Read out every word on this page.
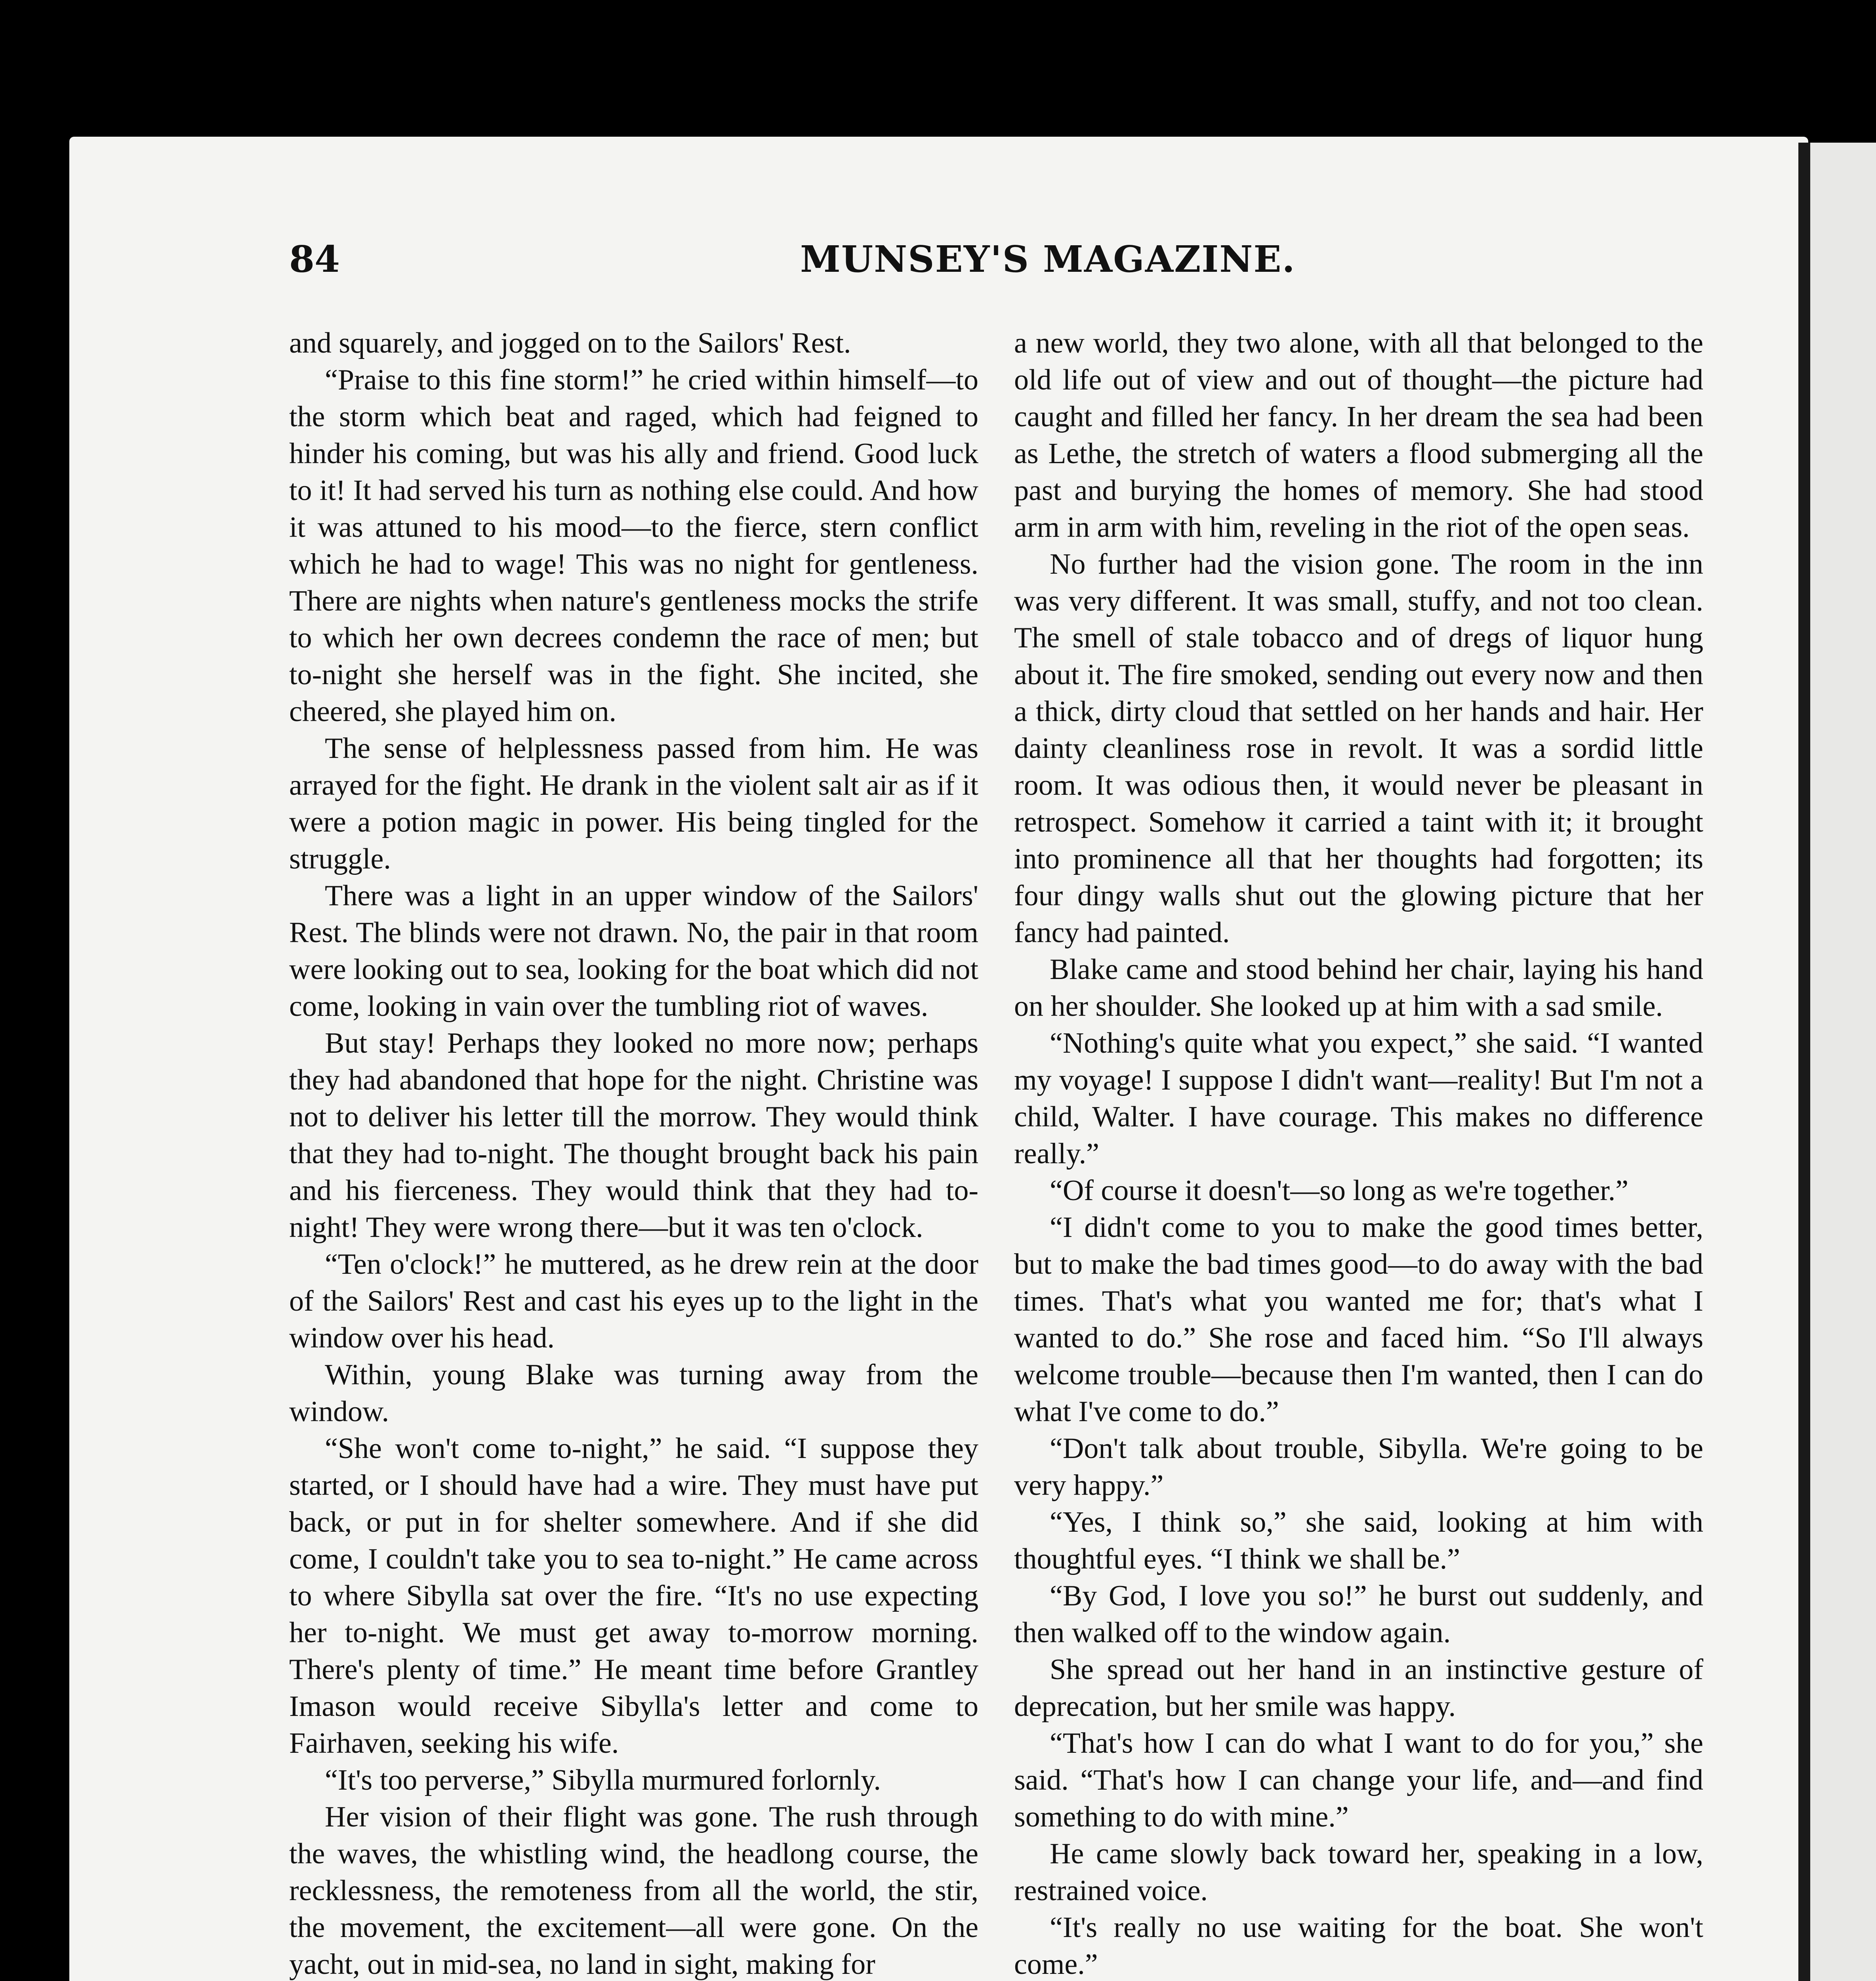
84	MUNSEY'S MAGAZINE.

and squarely, and jogged on to the Sailors' Rest.

“Praise to this fine storm!” he cried within himself—to the storm which beat and raged, which had feigned to hinder his coming, but was his ally and friend. Good luck to it! It had served his turn as nothing else could. And how it was attuned to his mood—to the fierce, stern conflict which he had to wage! This was no night for gentleness. There are nights when nature's gentleness mocks the strife to which her own decrees condemn the race of men; but to-night she herself was in the fight. She incited, she cheered, she played him on.

The sense of helplessness passed from him. He was arrayed for the fight. He drank in the violent salt air as if it were a potion magic in power. His being tingled for the struggle.

There was a light in an upper window of the Sailors' Rest. The blinds were not drawn. No, the pair in that room were looking out to sea, looking for the boat which did not come, looking in vain over the tumbling riot of waves.

But stay! Perhaps they looked no more now; perhaps they had abandoned that hope for the night. Christine was not to deliver his letter till the morrow. They would think that they had to-night. The thought brought back his pain and his fierceness. They would think that they had to-night! They were wrong there—but it was ten o'clock.

“Ten o'clock!” he muttered, as he drew rein at the door of the Sailors' Rest and cast his eyes up to the light in the window over his head.

Within, young Blake was turning away from the window.

“She won't come to-night,” he said. “I suppose they started, or I should have had a wire. They must have put back, or put in for shelter somewhere. And if she did come, I couldn't take you to sea to-night.” He came across to where Sibylla sat over the fire. “It's no use expecting her to-night. We must get away to-morrow morning. There's plenty of time.” He meant time before Grantley Imason would receive Sibylla's letter and come to Fairhaven, seeking his wife.

“It's too perverse,” Sibylla murmured forlornly.

Her vision of their flight was gone. The rush through the waves, the whistling wind, the headlong course, the recklessness, the remoteness from all the world, the stir, the movement, the excitement—all were gone. On the yacht, out in mid-sea, no land in sight, making for

a new world, they two alone, with all that belonged to the old life out of view and out of thought—the picture had caught and filled her fancy. In her dream the sea had been as Lethe, the stretch of waters a flood submerging all the past and burying the homes of memory. She had stood arm in arm with him, reveling in the riot of the open seas.

No further had the vision gone. The room in the inn was very different. It was small, stuffy, and not too clean. The smell of stale tobacco and of dregs of liquor hung about it. The fire smoked, sending out every now and then a thick, dirty cloud that settled on her hands and hair. Her dainty cleanliness rose in revolt. It was a sordid little room. It was odious then, it would never be pleasant in retrospect. Somehow it carried a taint with it; it brought into prominence all that her thoughts had forgotten; its four dingy walls shut out the glowing picture that her fancy had painted.

Blake came and stood behind her chair, laying his hand on her shoulder. She looked up at him with a sad smile.

“Nothing's quite what you expect,” she said. “I wanted my voyage! I suppose I didn't want—reality! But I'm not a child, Walter. I have courage. This makes no difference really.”

“Of course it doesn't—so long as we're together.”

“I didn't come to you to make the good times better, but to make the bad times good—to do away with the bad times. That's what you wanted me for; that's what I wanted to do.” She rose and faced him. “So I'll always welcome trouble—because then I'm wanted, then I can do what I've come to do.”

“Don't talk about trouble, Sibylla. We're going to be very happy.”

“Yes, I think so,” she said, looking at him with thoughtful eyes. “I think we shall be.”

“By God, I love you so!” he burst out suddenly, and then walked off to the window again.

She spread out her hand in an instinctive gesture of deprecation, but her smile was happy.

“That's how I can do what I want to do for you,” she said. “That's how I can change your life, and—and find something to do with mine.”

He came slowly back toward her, speaking in a low, restrained voice.

“It's really no use waiting for the boat. She won't come.”
